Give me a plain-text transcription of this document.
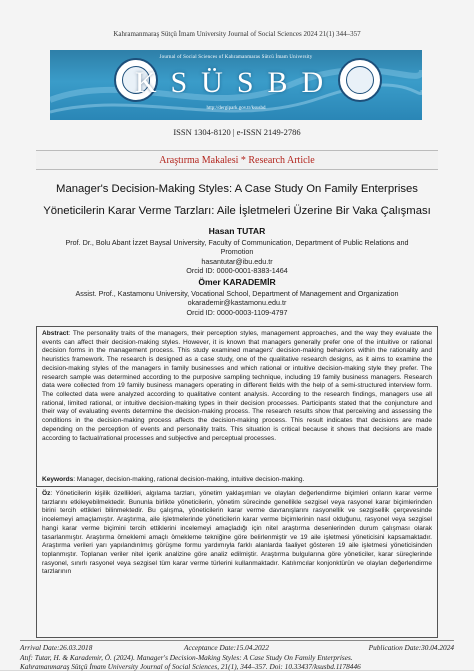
Kahramanmaraş Sütçü İmam University Journal of Social Sciences 2024 21(1) 344–357
Journal of Social Sciences of Kahramanmaras Sütcü İmam University
KSÜSBD
http://dergipark.gov.tr/ksusbd
ISSN 1304-8120 | e-ISSN 2149-2786
Araştırma Makalesi * Research Article
Manager's Decision-Making Styles: A Case Study On Family Enterprises
Yöneticilerin Karar Verme Tarzları: Aile İşletmeleri Üzerine Bir Vaka Çalışması
Hasan TUTAR
Prof. Dr., Bolu Abant İzzet Baysal University, Faculty of Communication, Department of Public Relations and Promotion
hasantutar@ibu.edu.tr
Orcid ID: 0000-0001-8383-1464
Ömer KARADEMİR
Assist. Prof., Kastamonu University, Vocational School, Department of Management and Organization
okarademir@kastamonu.edu.tr
Orcid ID: 0000-0003-1109-4797

Abstract: The personality traits of the managers, their perception styles, management approaches, and the way they evaluate the events can affect their decision-making styles. However, it is known that managers generally prefer one of the intuitive or rational decision forms in the management process. This study examined managers' decision-making behaviors within the rationality and heuristics framework. The research is designed as a case study, one of the qualitative research designs, as it aims to examine the decision-making styles of the managers in family businesses and which rational or intuitive decision-making style they prefer. The research sample was determined according to the purposive sampling technique, including 19 family business managers. Research data were collected from 19 family business managers operating in different fields with the help of a semi-structured interview form. The collected data were analyzed according to qualitative content analysis. According to the research findings, managers use all rational, limited rational, or intuitive decision-making types in their decision processes. Participants stated that the conjuncture and their way of evaluating events determine the decision-making process. The research results show that perceiving and assessing the conditions in the decision-making process affects the decision-making process. This result indicates that decisions are made depending on the perception of events and personality traits. This situation is critical because it shows that decisions are made according to factual/rational processes and subjective and perceptual processes.

Keywords: Manager, decision-making, rational decision-making, intuitive decision-making.

Öz: Yöneticilerin kişilik özellikleri, algılama tarzları, yönetim yaklaşımları ve olayları değerlendirme biçimleri onların karar verme tarzlarını etkileyebilmektedir. Bununla birlikte yöneticilerin, yönetim sürecinde genellikle sezgisel veya rasyonel karar biçimlerinden birini tercih ettikleri bilinmektedir. Bu çalışma, yöneticilerin karar verme davranışlarını rasyonellik ve sezgisellik çerçevesinde incelemeyi amaçlamıştır. Araştırma, aile işletmelerinde yöneticilerin karar verme biçimlerinin nasıl olduğunu, rasyonel veya sezgisel hangi karar verme biçimini tercih ettiklerini incelemeyi amaçladığı için nitel araştırma desenlerinden durum çalışması olarak tasarlanmıştır. Araştırma örneklemi amaçlı örnekleme tekniğine göre belirlenmiştir ve 19 aile işletmesi yöneticisini kapsamaktadır. Araştırma verileri yarı yapılandırılmış görüşme formu yardımıyla farklı alanlarda faaliyet gösteren 19 aile işletmesi yöneticisinden toplanmıştır. Toplanan veriler nitel içerik analizine göre analiz edilmiştir. Araştırma bulgularına göre yöneticiler, karar süreçlerinde rasyonel, sınırlı rasyonel veya sezgisel tüm karar verme türlerini kullanmaktadır. Katılımcılar konjonktürün ve olayları değerlendirme tarzlarının

Arrival Date:26.03.2018	Acceptance Date:15.04.2022	Publication Date:30.04.2024
Atıf: Tutar, H. & Karademir, Ö. (2024). Manager's Decision-Making Styles: A Case Study On Family Enterprises.
Kahramanmaraş Sütçü İmam University Journal of Social Sciences, 21(1), 344–357. Doi: 10.33437/ksusbd.1178446
